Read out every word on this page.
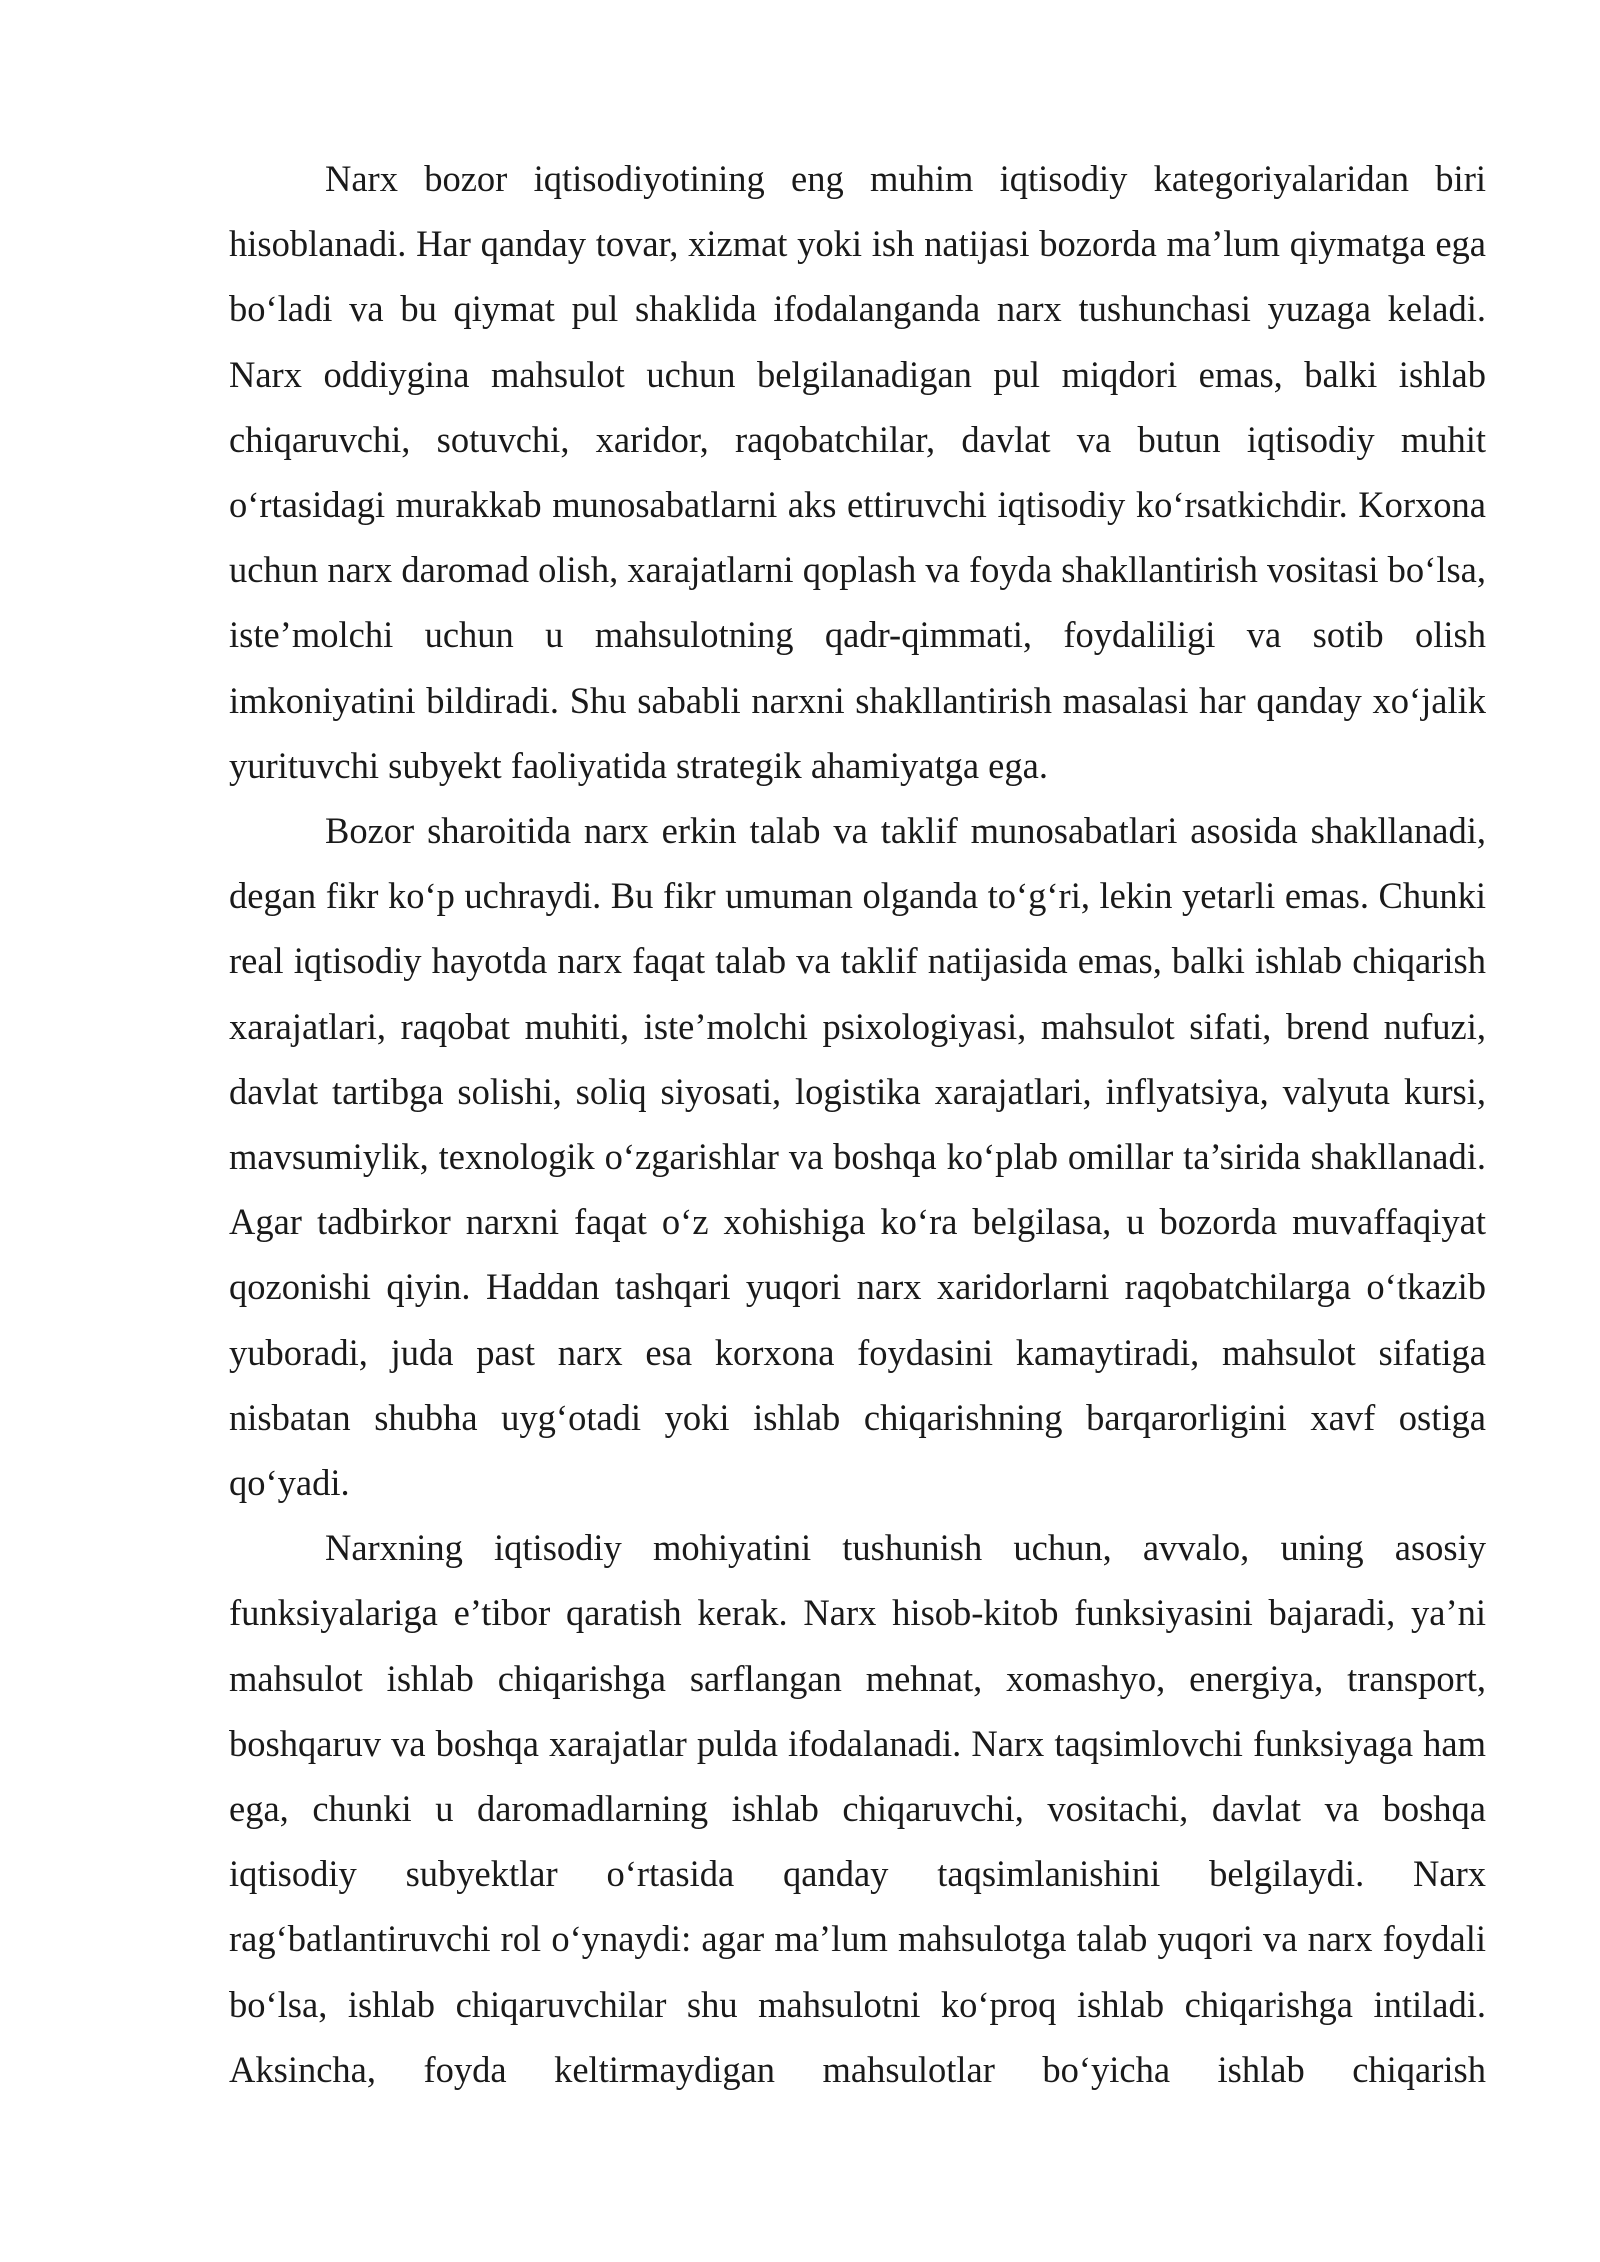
Narx bozor iqtisodiyotining eng muhim iqtisodiy kategoriyalaridan biri hisoblanadi. Har qanday tovar, xizmat yoki ish natijasi bozorda ma’lum qiymatga ega bo‘ladi va bu qiymat pul shaklida ifodalanganda narx tushunchasi yuzaga keladi. Narx oddiygina mahsulot uchun belgilanadigan pul miqdori emas, balki ishlab chiqaruvchi, sotuvchi, xaridor, raqobatchilar, davlat va butun iqtisodiy muhit o‘rtasidagi murakkab munosabatlarni aks ettiruvchi iqtisodiy ko‘rsatkichdir. Korxona uchun narx daromad olish, xarajatlarni qoplash va foyda shakllantirish vositasi bo‘lsa, iste’molchi uchun u mahsulotning qadr-qimmati, foydaliligi va sotib olish imkoniyatini bildiradi. Shu sababli narxni shakllantirish masalasi har qanday xo‘jalik yurituvchi subyekt faoliyatida strategik ahamiyatga ega.

Bozor sharoitida narx erkin talab va taklif munosabatlari asosida shakllanadi, degan fikr ko‘p uchraydi. Bu fikr umuman olganda to‘g‘ri, lekin yetarli emas. Chunki real iqtisodiy hayotda narx faqat talab va taklif natijasida emas, balki ishlab chiqarish xarajatlari, raqobat muhiti, iste’molchi psixologiyasi, mahsulot sifati, brend nufuzi, davlat tartibga solishi, soliq siyosati, logistika xarajatlari, inflyatsiya, valyuta kursi, mavsumiylik, texnologik o‘zgarishlar va boshqa ko‘plab omillar ta’sirida shakllanadi. Agar tadbirkor narxni faqat o‘z xohishiga ko‘ra belgilasa, u bozorda muvaffaqiyat qozonishi qiyin. Haddan tashqari yuqori narx xaridorlarni raqobatchilarga o‘tkazib yuboradi, juda past narx esa korxona foydasini kamaytiradi, mahsulot sifatiga nisbatan shubha uyg‘otadi yoki ishlab chiqarishning barqarorligini xavf ostiga qo‘yadi.

Narxning iqtisodiy mohiyatini tushunish uchun, avvalo, uning asosiy funksiyalariga e’tibor qaratish kerak. Narx hisob-kitob funksiyasini bajaradi, ya’ni mahsulot ishlab chiqarishga sarflangan mehnat, xomashyo, energiya, transport, boshqaruv va boshqa xarajatlar pulda ifodalanadi. Narx taqsimlovchi funksiyaga ham ega, chunki u daromadlarning ishlab chiqaruvchi, vositachi, davlat va boshqa iqtisodiy subyektlar o‘rtasida qanday taqsimlanishini belgilaydi. Narx rag‘batlantiruvchi rol o‘ynaydi: agar ma’lum mahsulotga talab yuqori va narx foydali bo‘lsa, ishlab chiqaruvchilar shu mahsulotni ko‘proq ishlab chiqarishga intiladi. Aksincha, foyda keltirmaydigan mahsulotlar bo‘yicha ishlab chiqarish
